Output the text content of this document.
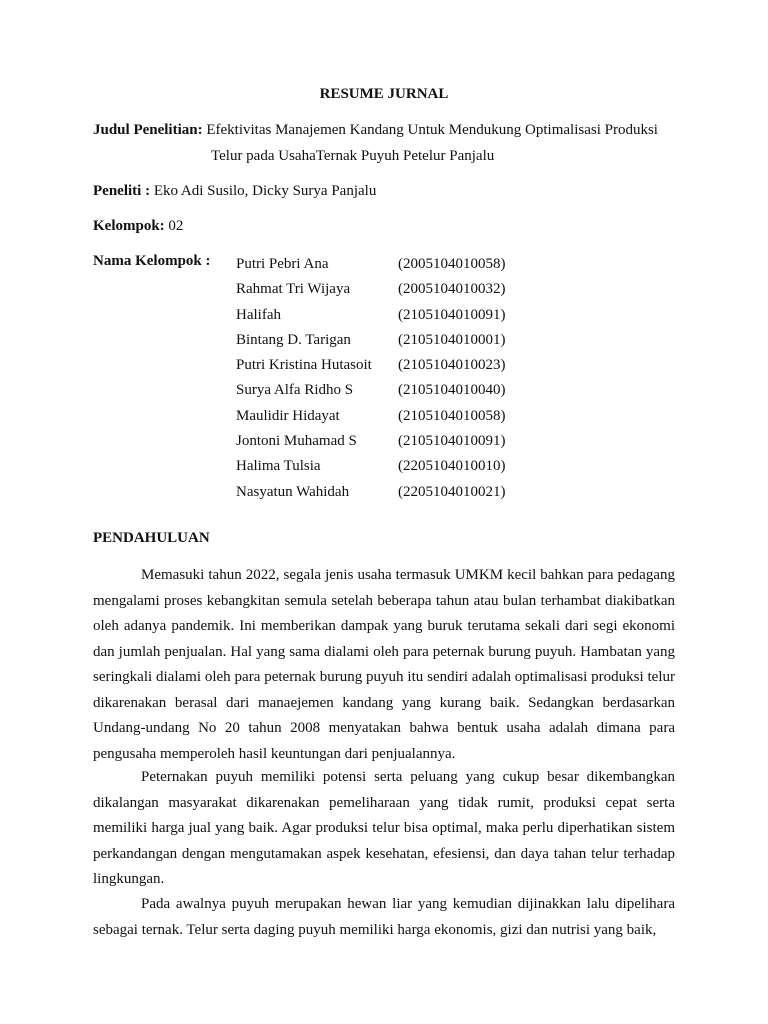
RESUME JURNAL
Judul Penelitian: Efektivitas Manajemen Kandang Untuk Mendukung Optimalisasi Produksi
Telur pada UsahaTernak Puyuh Petelur Panjalu
Peneliti : Eko Adi Susilo, Dicky Surya Panjalu
Kelompok: 02
Nama Kelompok : Putri Pebri Ana	(2005104010058)
Rahmat Tri Wijaya	(2005104010032)
Halifah	(2105104010091)
Bintang D. Tarigan	(2105104010001)
Putri Kristina Hutasoit (2105104010023)
Surya Alfa Ridho S	(2105104010040)
Maulidir Hidayat	(2105104010058)
Jontoni Muhamad S	(2105104010091)
Halima Tulsia	(2205104010010)
Nasyatun Wahidah	(2205104010021)
PENDAHULUAN

Memasuki tahun 2022, segala jenis usaha termasuk UMKM kecil bahkan para pedagang mengalami proses kebangkitan semula setelah beberapa tahun atau bulan terhambat diakibatkan oleh adanya pandemik. Ini memberikan dampak yang buruk terutama sekali dari segi ekonomi dan jumlah penjualan. Hal yang sama dialami oleh para peternak burung puyuh. Hambatan yang seringkali dialami oleh para peternak burung puyuh itu sendiri adalah optimalisasi produksi telur dikarenakan berasal dari manaejemen kandang yang kurang baik. Sedangkan berdasarkan Undang-undang No 20 tahun 2008 menyatakan bahwa bentuk usaha adalah dimana para pengusaha memperoleh hasil keuntungan dari penjualannya.

Peternakan puyuh memiliki potensi serta peluang yang cukup besar dikembangkan dikalangan masyarakat dikarenakan pemeliharaan yang tidak rumit, produksi cepat serta memiliki harga jual yang baik. Agar produksi telur bisa optimal, maka perlu diperhatikan sistem perkandangan dengan mengutamakan aspek kesehatan, efesiensi, dan daya tahan telur terhadap lingkungan.

Pada awalnya puyuh merupakan hewan liar yang kemudian dijinakkan lalu dipelihara sebagai ternak. Telur serta daging puyuh memiliki harga ekonomis, gizi dan nutrisi yang baik,
